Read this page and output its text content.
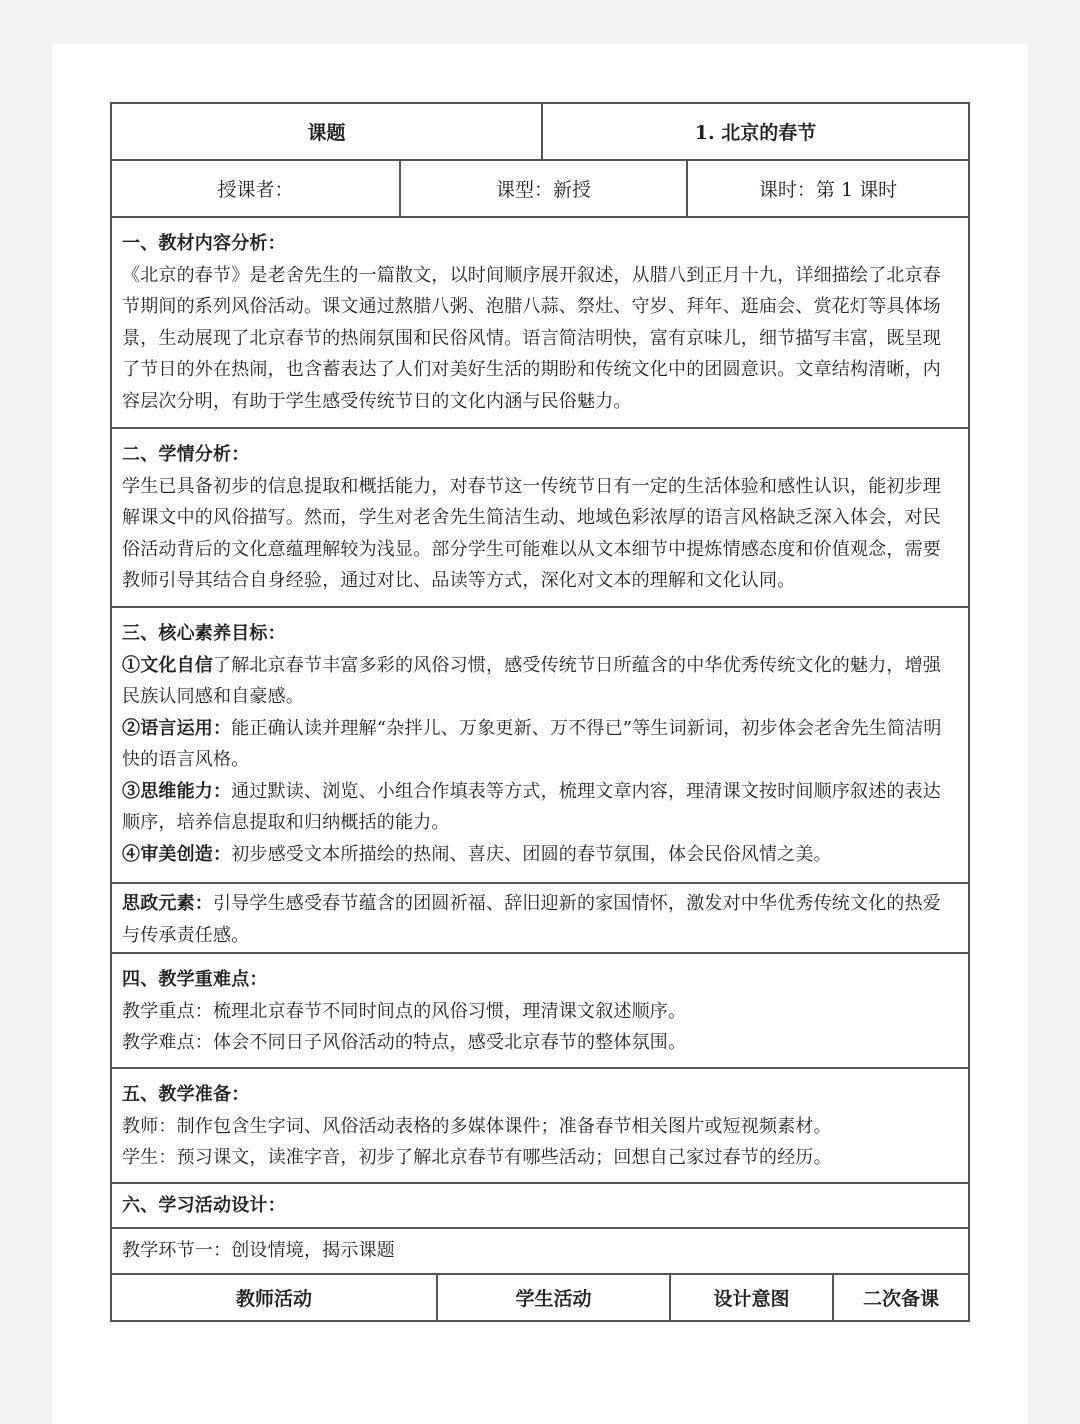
课题	1. 北京的春节
授课者：	课型：新授	课时：第 1 课时

一、教材内容分析：

《北京的春节》是老舍先生的一篇散文，以时间顺序展开叙述，从腊八到正月十九，详细描绘了北京春节期间的系列风俗活动。课文通过熬腊八粥、泡腊八蒜、祭灶、守岁、拜年、逛庙会、赏花灯等具体场景，生动展现了北京春节的热闹氛围和民俗风情。语言简洁明快，富有京味儿，细节描写丰富，既呈现了节日的外在热闹，也含蓄表达了人们对美好生活的期盼和传统文化中的团圆意识。文章结构清晰，内容层次分明，有助于学生感受传统节日的文化内涵与民俗魅力。

二、学情分析：

学生已具备初步的信息提取和概括能力，对春节这一传统节日有一定的生活体验和感性认识，能初步理解课文中的风俗描写。然而，学生对老舍先生简洁生动、地域色彩浓厚的语言风格缺乏深入体会，对民俗活动背后的文化意蕴理解较为浅显。部分学生可能难以从文本细节中提炼情感态度和价值观念，需要教师引导其结合自身经验，通过对比、品读等方式，深化对文本的理解和文化认同。

三、核心素养目标：

①文化自信了解北京春节丰富多彩的风俗习惯，感受传统节日所蕴含的中华优秀传统文化的魅力，增强民族认同感和自豪感。

②语言运用：能正确认读并理解“杂拌儿、万象更新、万不得已”等生词新词，初步体会老舍先生简洁明快的语言风格。

③思维能力：通过默读、浏览、小组合作填表等方式，梳理文章内容，理清课文按时间顺序叙述的表达顺序，培养信息提取和归纳概括的能力。

④审美创造：初步感受文本所描绘的热闹、喜庆、团圆的春节氛围，体会民俗风情之美。

思政元素：引导学生感受春节蕴含的团圆祈福、辞旧迎新的家国情怀，激发对中华优秀传统文化的热爱与传承责任感。

四、教学重难点：

教学重点：梳理北京春节不同时间点的风俗习惯，理清课文叙述顺序。

教学难点：体会不同日子风俗活动的特点，感受北京春节的整体氛围。

五、教学准备：

教师：制作包含生字词、风俗活动表格的多媒体课件；准备春节相关图片或短视频素材。

学生：预习课文，读准字音，初步了解北京春节有哪些活动；回想自己家过春节的经历。

六、学习活动设计：

教学环节一：创设情境，揭示课题

教师活动	学生活动	设计意图	二次备课
